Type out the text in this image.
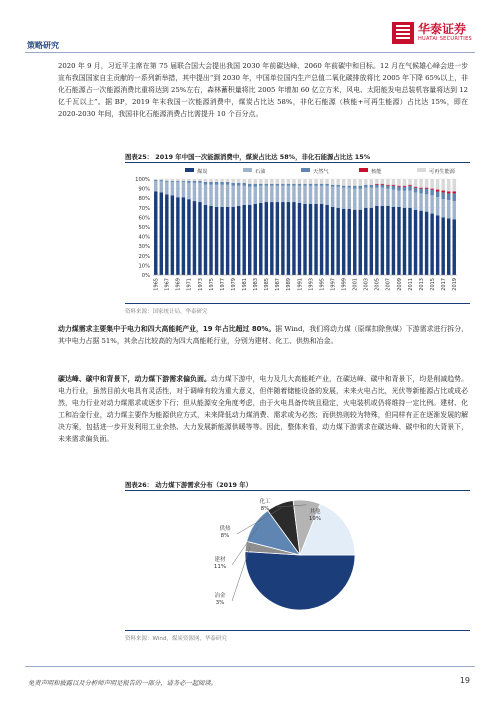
策略研究
华泰证券
HUATAI SECURITIES
2020 年 9 月，习近平主席在第 75 届联合国大会提出我国 2030 年前碳达峰、2060 年前碳中和目标。12 月在气候雄心峰会进一步宣布我国国家自主贡献的一系列新举措，其中提出“到 2030 年，中国单位国内生产总值二氧化碳排放将比 2005 年下降 65%以上，非化石能源占一次能源消费比重将达到 25%左右，森林蓄积量将比 2005 年增加 60 亿立方米，风电、太阳能发电总装机容量将达到 12 亿千瓦以上”。据 BP，2019 年末我国一次能源消费中，煤炭占比达 58%，非化石能源（核能+可再生能源）占比达 15%，即在 2020-2030 年间，我国非化石能源消费占比需提升 10 个百分点。
图表25： 2019 年中国一次能源消费中，煤炭占比达 58%，非化石能源占比达 15%
煤炭	石油	天然气	核能	可再生能源
100%
90%
80%
70%
60%
50%
40%
30%
20%
10%
0%
1965 1967 1969 1971 1973 1975 1977 1979 1981 1983 1985 1987 1989 1991 1993 1995 1997 1999 2001 2003 2005 2007 2009 2011 2013 2015 2017 2019
资料来源：国家统计局，华泰研究
动力煤需求主要集中于电力和四大高能耗产业，19 年占比超过 80%。据 Wind，我们将动力煤（原煤扣除焦煤）下游需求进行拆分，其中电力占据 51%，其余占比较高的为四大高能耗行业，分别为建材、化工、供热和冶金。
碳达峰、碳中和背景下，动力煤下游需求偏负面。动力煤下游中，电力及几大高能耗产业，在碳达峰、碳中和背景下，均是削减趋势。电力行业，虽然目前火电具有灵活性，对于调峰有较为重大意义，但伴随着储能设备的发展，未来火电占比，光伏等新能源占比或成必然，电力行业对动力煤需求或逐步下行；但从能源安全角度考虑，由于火电具备传统且稳定，火电装机或仍将维持一定比例。建材、化工和冶金行业，动力煤主要作为能源供应方式，未来降低动力煤消费、需求或为必然；而供热则较为特殊，但同样有正在逐渐发展的解决方案，包括进一步开发利用工业余热、大力发展新能源供暖等等。因此，整体来看，动力煤下游需求在碳达峰、碳中和的大背景下，未来需求偏负面。
图表26： 动力煤下游需求分布（2019 年）
电力
51%
冶金
3%
建材
11%
供热
8%
化工
8%	其他
19%
资料来源：Wind，煤炭资源网，华泰研究
免责声明和披露以及分析师声明是报告的一部分，请务必一起阅读。	19
